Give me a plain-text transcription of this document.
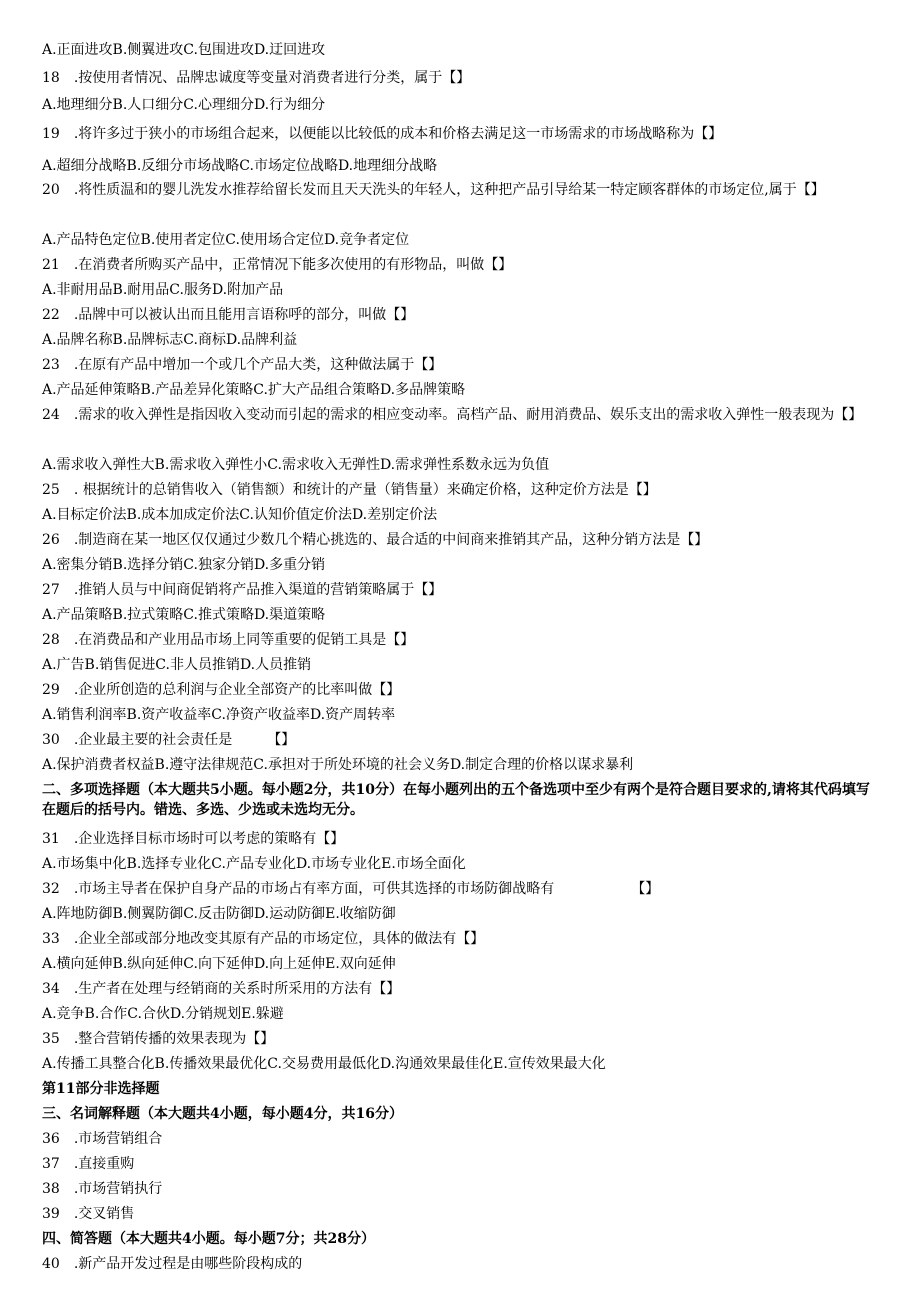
A.正面进攻B.侧翼进攻C.包围进攻D.迂回进攻
18　.按使用者情况、品牌忠诚度等变量对消费者进行分类，属于【】
A.地理细分B.人口细分C.心理细分D.行为细分
19　.将许多过于狭小的市场组合起来，以便能以比较低的成本和价格去满足这一市场需求的市场战略称为【】
A.超细分战略B.反细分市场战略C.市场定位战略D.地理细分战略
20　.将性质温和的婴儿洗发水推荐给留长发而且天天洗头的年轻人，这种把产品引导给某一特定顾客群体的市场定位,属于【】
A.产品特色定位B.使用者定位C.使用场合定位D.竞争者定位
21　.在消费者所购买产品中，正常情况下能多次使用的有形物品，叫做【】
A.非耐用品B.耐用品C.服务D.附加产品
22　.品牌中可以被认出而且能用言语称呼的部分，叫做【】
A.品牌名称B.品牌标志C.商标D.品牌利益
23　.在原有产品中增加一个或几个产品大类，这种做法属于【】
A.产品延伸策略B.产品差异化策略C.扩大产品组合策略D.多品牌策略
24　.需求的收入弹性是指因收入变动而引起的需求的相应变动率。高档产品、耐用消费品、娱乐支出的需求收入弹性一般表现为【】
A.需求收入弹性大B.需求收入弹性小C.需求收入无弹性D.需求弹性系数永远为负值
25　. 根据统计的总销售收入（销售额）和统计的产量（销售量）来确定价格，这种定价方法是【】
A.目标定价法B.成本加成定价法C.认知价值定价法D.差别定价法
26　.制造商在某一地区仅仅通过少数几个精心挑选的、最合适的中间商来推销其产品，这种分销方法是【】
A.密集分销B.选择分销C.独家分销D.多重分销
27　.推销人员与中间商促销将产品推入渠道的营销策略属于【】
A.产品策略B.拉式策略C.推式策略D.渠道策略
28　.在消费品和产业用品市场上同等重要的促销工具是【】
A.广告B.销售促进C.非人员推销D.人员推销
29　.企业所创造的总利润与企业全部资产的比率叫做【】
A.销售利润率B.资产收益率C.净资产收益率D.资产周转率
30　.企业最主要的社会责任是　　　【】
A.保护消费者权益B.遵守法律规范C.承担对于所处环境的社会义务D.制定合理的价格以谋求暴利
二、多项选择题（本大题共5小题。每小题2分，共10分）在每小题列出的五个备选项中至少有两个是符合题目要求的,请将其代码填写在题后的括号内。错选、多选、少选或未选均无分。
31　.企业选择目标市场时可以考虑的策略有【】
A.市场集中化B.选择专业化C.产品专业化D.市场专业化E.市场全面化
32　.市场主导者在保护自身产品的市场占有率方面，可供其选择的市场防御战略有　　　　　　【】
A.阵地防御B.侧翼防御C.反击防御D.运动防御E.收缩防御
33　.企业全部或部分地改变其原有产品的市场定位，具体的做法有【】
A.横向延伸B.纵向延伸C.向下延伸D.向上延伸E.双向延伸
34　.生产者在处理与经销商的关系时所采用的方法有【】
A.竞争B.合作C.合伙D.分销规划E.躲避
35　.整合营销传播的效果表现为【】
A.传播工具整合化B.传播效果最优化C.交易费用最低化D.沟通效果最佳化E.宣传效果最大化
第11部分非选择题
三、名词解释题（本大题共4小题，每小题4分，共16分）
36　.市场营销组合
37　.直接重购
38　.市场营销执行
39　.交叉销售
四、简答题（本大题共4小题。每小题7分；共28分）
40　.新产品开发过程是由哪些阶段构成的
